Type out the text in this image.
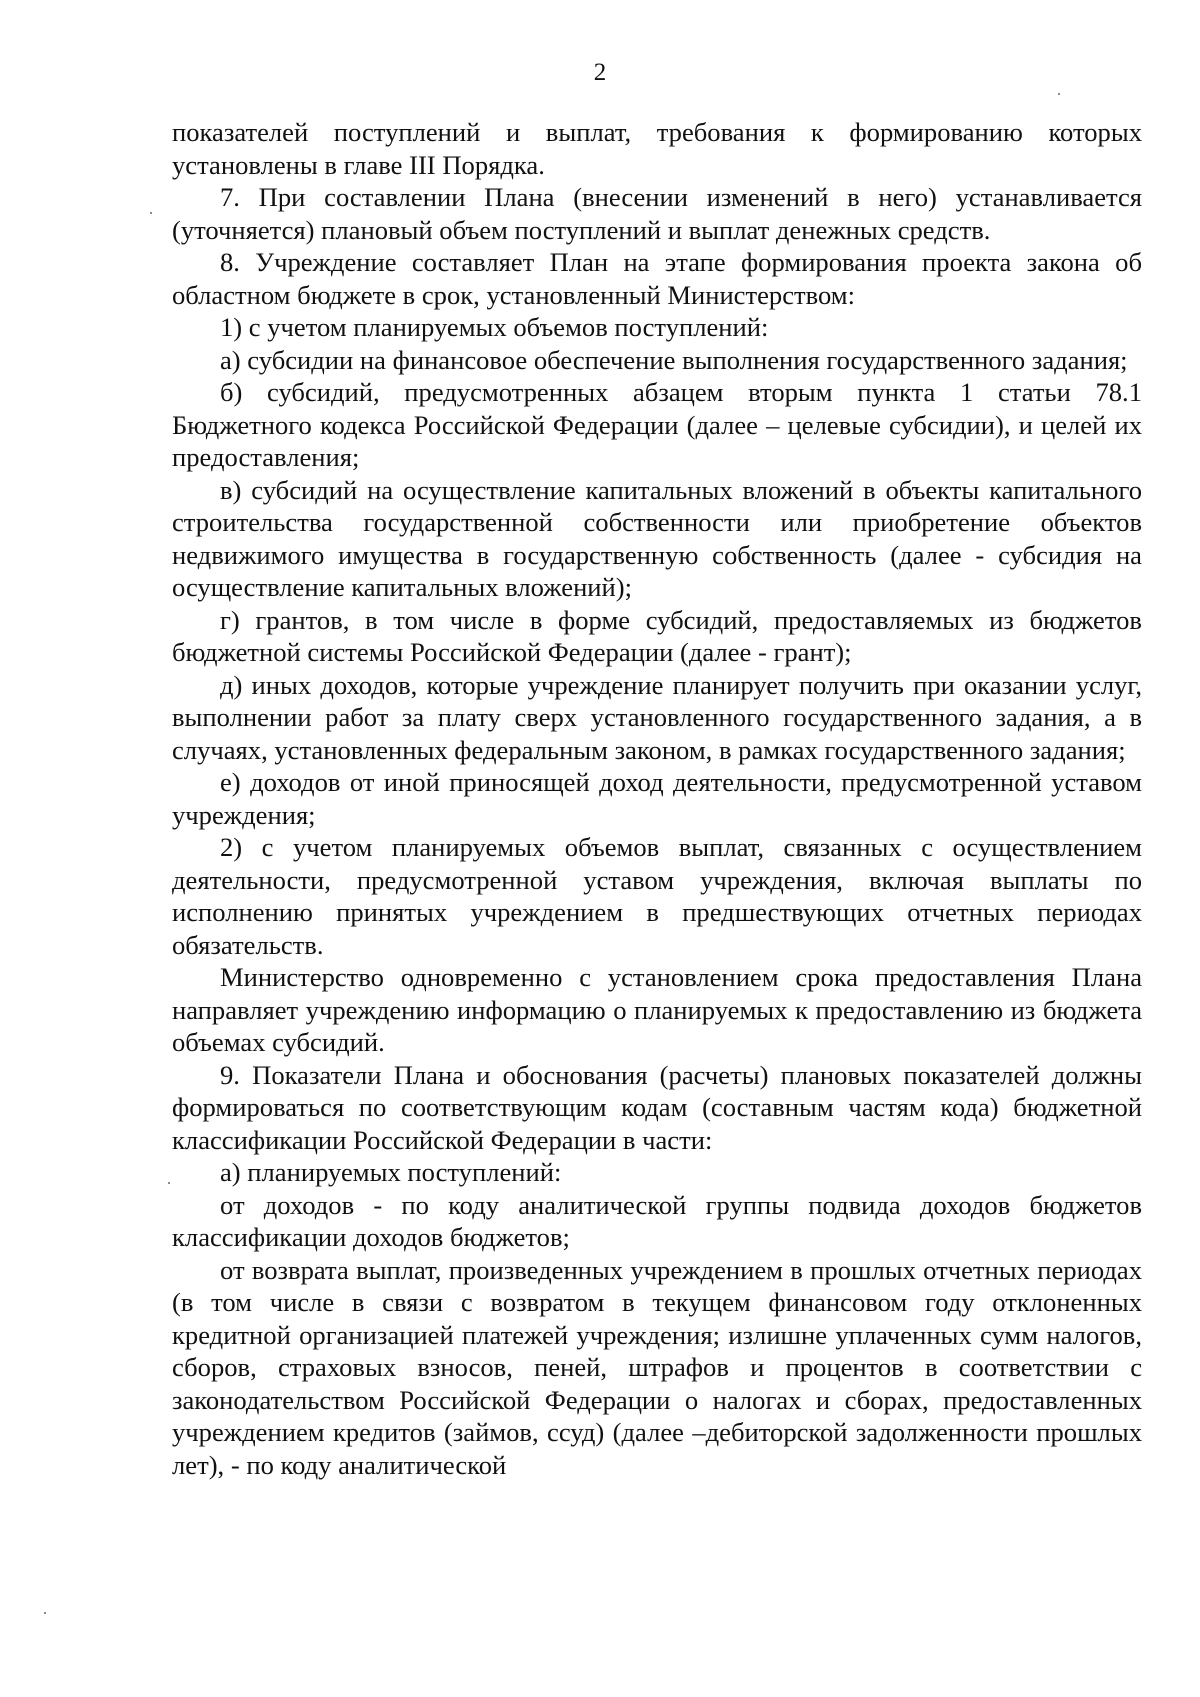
2

показателей поступлений и выплат, требования к формированию которых установлены в главе III Порядка.

7. При составлении Плана (внесении изменений в него) устанавливается (уточняется) плановый объем поступлений и выплат денежных средств.

8. Учреждение составляет План на этапе формирования проекта закона об областном бюджете в срок, установленный Министерством:

1) с учетом планируемых объемов поступлений:

а) субсидии на финансовое обеспечение выполнения государственного задания;

б) субсидий, предусмотренных абзацем вторым пункта 1 статьи 78.1 Бюджетного кодекса Российской Федерации (далее – целевые субсидии), и целей их предоставления;

в) субсидий на осуществление капитальных вложений в объекты капитального строительства государственной собственности или приобретение объектов недвижимого имущества в государственную собственность (далее - субсидия на осуществление капитальных вложений);

г) грантов, в том числе в форме субсидий, предоставляемых из бюджетов бюджетной системы Российской Федерации (далее - грант);

д) иных доходов, которые учреждение планирует получить при оказании услуг, выполнении работ за плату сверх установленного государственного задания, а в случаях, установленных федеральным законом, в рамках государственного задания;

е) доходов от иной приносящей доход деятельности, предусмотренной уставом учреждения;

2) с учетом планируемых объемов выплат, связанных с осуществлением деятельности, предусмотренной уставом учреждения, включая выплаты по исполнению принятых учреждением в предшествующих отчетных периодах обязательств.

Министерство одновременно с установлением срока предоставления Плана направляет учреждению информацию о планируемых к предоставлению из бюджета объемах субсидий.

9. Показатели Плана и обоснования (расчеты) плановых показателей должны формироваться по соответствующим кодам (составным частям кода) бюджетной классификации Российской Федерации в части:

а) планируемых поступлений:

от доходов - по коду аналитической группы подвида доходов бюджетов классификации доходов бюджетов;

от возврата выплат, произведенных учреждением в прошлых отчетных периодах (в том числе в связи с возвратом в текущем финансовом году отклоненных кредитной организацией платежей учреждения; излишне уплаченных сумм налогов, сборов, страховых взносов, пеней, штрафов и процентов в соответствии с законодательством Российской Федерации о налогах и сборах, предоставленных учреждением кредитов (займов, ссуд) (далее –дебиторской задолженности прошлых лет), - по коду аналитической
